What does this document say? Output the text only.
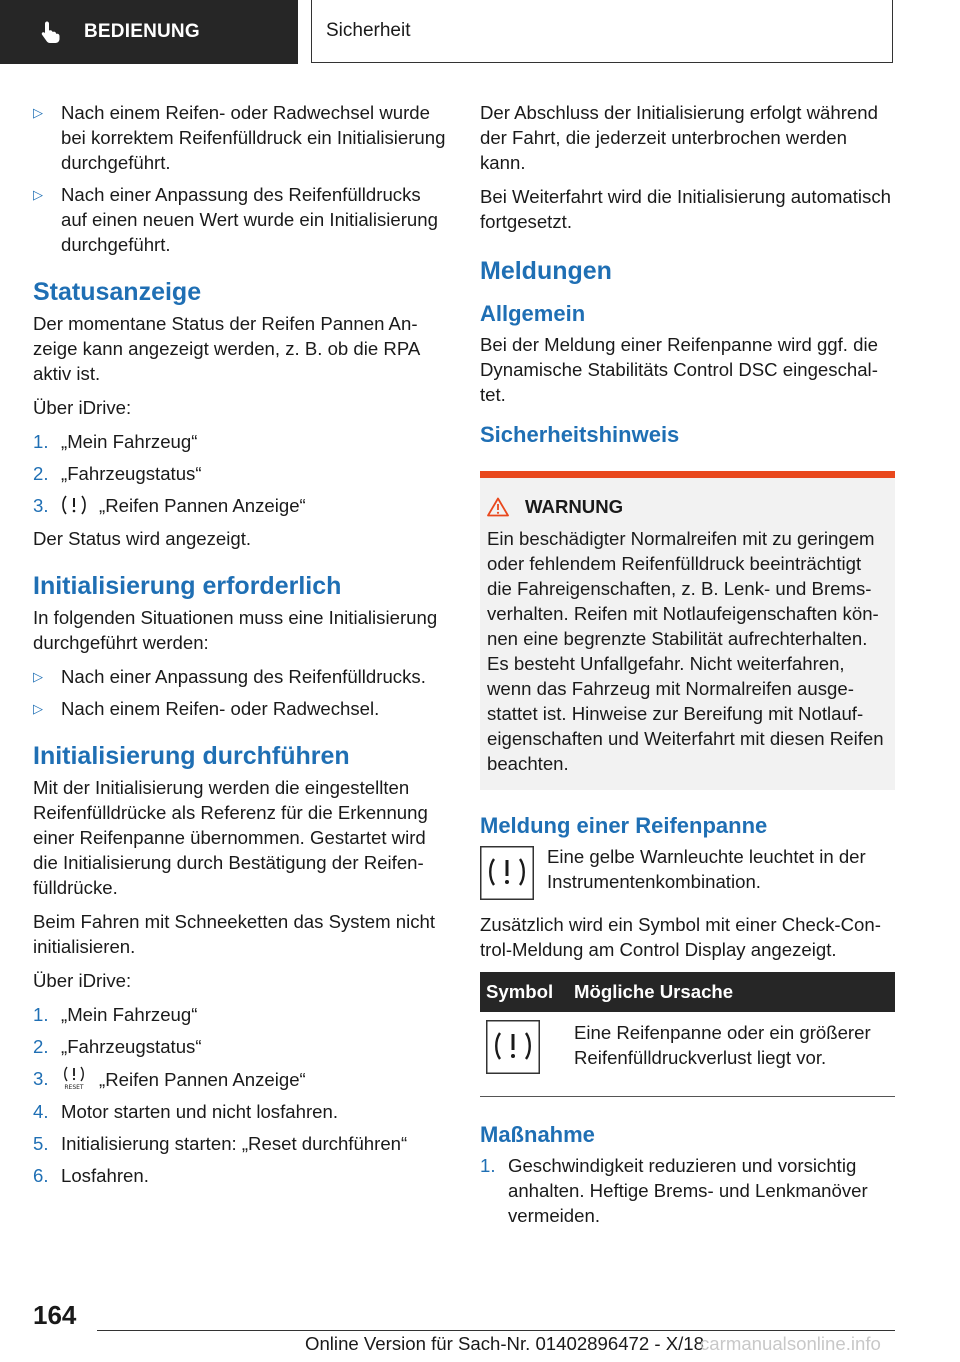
BEDIENUNG	Sicherheit
▷ Nach einem Reifen- oder Radwechsel wurde bei korrektem Reifenfülldruck ein Initialisierung durchgeführt.
▷ Nach einer Anpassung des Reifenfülldrucks auf einen neuen Wert wurde ein Initialisierung durchgeführt.
Statusanzeige

Der momentane Status der Reifen Pannen Anzeige kann angezeigt werden, z. B. ob die RPA aktiv ist.

Über iDrive:

1. „Mein Fahrzeug“
2. „Fahrzeugstatus“
3.	„Reifen Pannen Anzeige“

Der Status wird angezeigt.

Initialisierung erforderlich

In folgenden Situationen muss eine Initialisierung durchgeführt werden:

▷ Nach einer Anpassung des Reifenfülldrucks.
▷ Nach einem Reifen- oder Radwechsel.
Initialisierung durchführen

Mit der Initialisierung werden die eingestellten Reifenfülldrücke als Referenz für die Erkennung einer Reifenpanne übernommen. Gestartet wird die Initialisierung durch Bestätigung der Reifenfülldrücke.

Beim Fahren mit Schneeketten das System nicht initialisieren.

Über iDrive:

1. „Mein Fahrzeug“
2. „Fahrzeugstatus“
3.	RESET „Reifen Pannen Anzeige“
4. Motor starten und nicht losfahren.
5. Initialisierung starten: „Reset durchführen“
6. Losfahren.

Der Abschluss der Initialisierung erfolgt während der Fahrt, die jederzeit unterbrochen werden kann.

Bei Weiterfahrt wird die Initialisierung automatisch fortgesetzt.

Meldungen
Allgemein

Bei der Meldung einer Reifenpanne wird ggf. die Dynamische Stabilitäts Control DSC eingeschaltet.

Sicherheitshinweis
WARNUNG

Ein beschädigter Normalreifen mit zu geringem oder fehlendem Reifenfülldruck beeinträchtigt die Fahreigenschaften, z. B. Lenk- und Bremsverhalten. Reifen mit Notlaufeigenschaften können eine begrenzte Stabilität aufrechterhalten. Es besteht Unfallgefahr. Nicht weiterfahren, wenn das Fahrzeug mit Normalreifen ausgestattet ist. Hinweise zur Bereifung mit Notlaufeigenschaften und Weiterfahrt mit diesen Reifen beachten.

Meldung einer Reifenpanne

Eine gelbe Warnleuchte leuchtet in der Instrumentenkombination.

Zusätzlich wird ein Symbol mit einer Check-Control-Meldung am Control Display angezeigt.

Symbol	Mögliche Ursache
	Eine Reifenpanne oder ein größerer Reifenfülldruckverlust liegt vor.
Maßnahme
1. Geschwindigkeit reduzieren und vorsichtig anhalten. Heftige Brems- und Lenkmanöver vermeiden.
164
Online Version für Sach-Nr. 01402896472 - X/18
carmanualsonline.info
